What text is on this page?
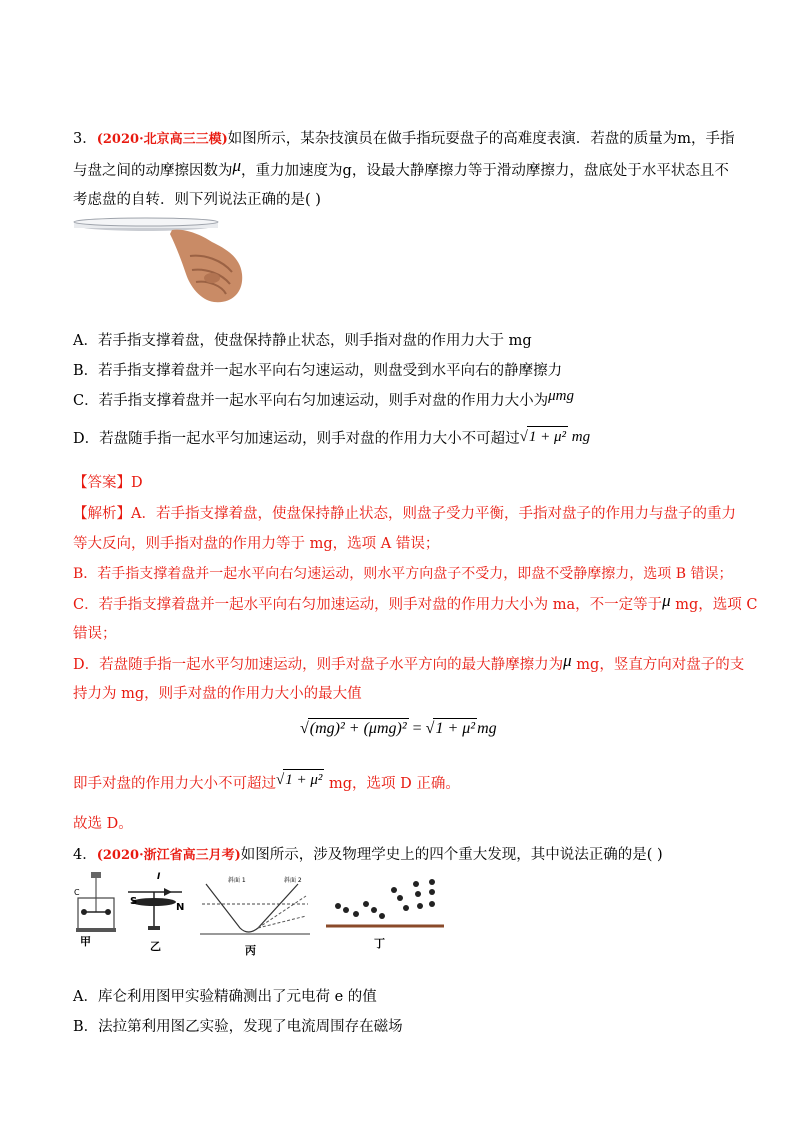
3．(2020·北京高三三模)如图所示，某杂技演员在做手指玩耍盘子的高难度表演．若盘的质量为m，手指
与盘之间的动摩擦因数为μ，重力加速度为g，设最大静摩擦力等于滑动摩擦力，盘底处于水平状态且不
考虑盘的自转．则下列说法正确的是( )
A．若手指支撑着盘，使盘保持静止状态，则手指对盘的作用力大于 mg
B．若手指支撑着盘并一起水平向右匀速运动，则盘受到水平向右的静摩擦力
C．若手指支撑着盘并一起水平向右匀加速运动，则手对盘的作用力大小为μmg
D．若盘随手指一起水平匀加速运动，则手对盘的作用力大小不可超过√1 + μ² mg
【答案】D
【解析】A．若手指支撑着盘，使盘保持静止状态，则盘子受力平衡，手指对盘子的作用力与盘子的重力
等大反向，则手指对盘的作用力等于 mg，选项 A 错误；
B．若手指支撑着盘并一起水平向右匀速运动，则水平方向盘子不受力，即盘不受静摩擦力，选项 B 错误；
C．若手指支撑着盘并一起水平向右匀加速运动，则手对盘的作用力大小为 ma，不一定等于μ mg，选项 C
错误；
D．若盘随手指一起水平匀加速运动，则手对盘子水平方向的最大静摩擦力为μ mg，竖直方向对盘子的支
持力为 mg，则手对盘的作用力大小的最大值
√(mg)² + (μmg)² = √1 + μ² mg
即手对盘的作用力大小不可超过√1 + μ² mg，选项 D 正确。
故选 D。
4．(2020·浙江省高三月考)如图所示，涉及物理学史上的四个重大发现，其中说法正确的是( )
C
甲
I
S
N
乙
斜面 1	斜面 2
丙
丁
A．库仑利用图甲实验精确测出了元电荷 e 的值
B．法拉第利用图乙实验，发现了电流周围存在磁场
